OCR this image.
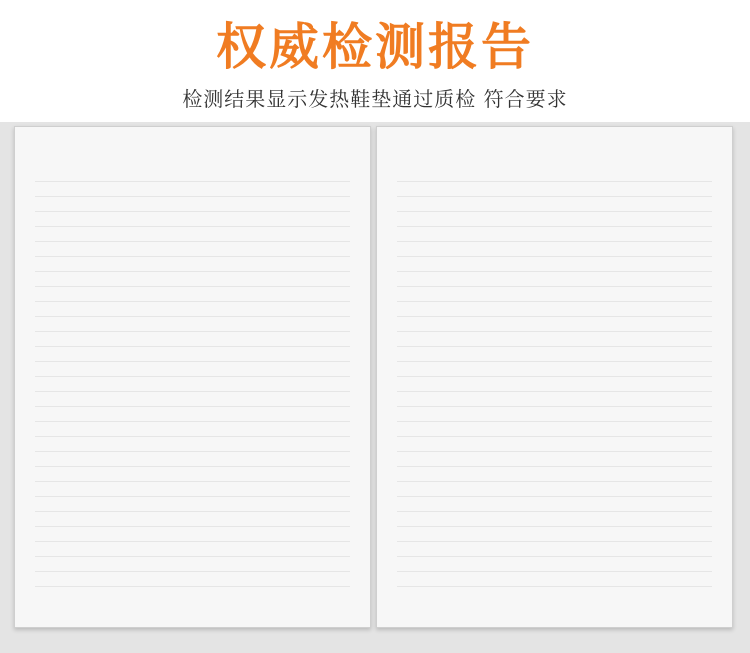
权威检测报告
检测结果显示发热鞋垫通过质检 符合要求
